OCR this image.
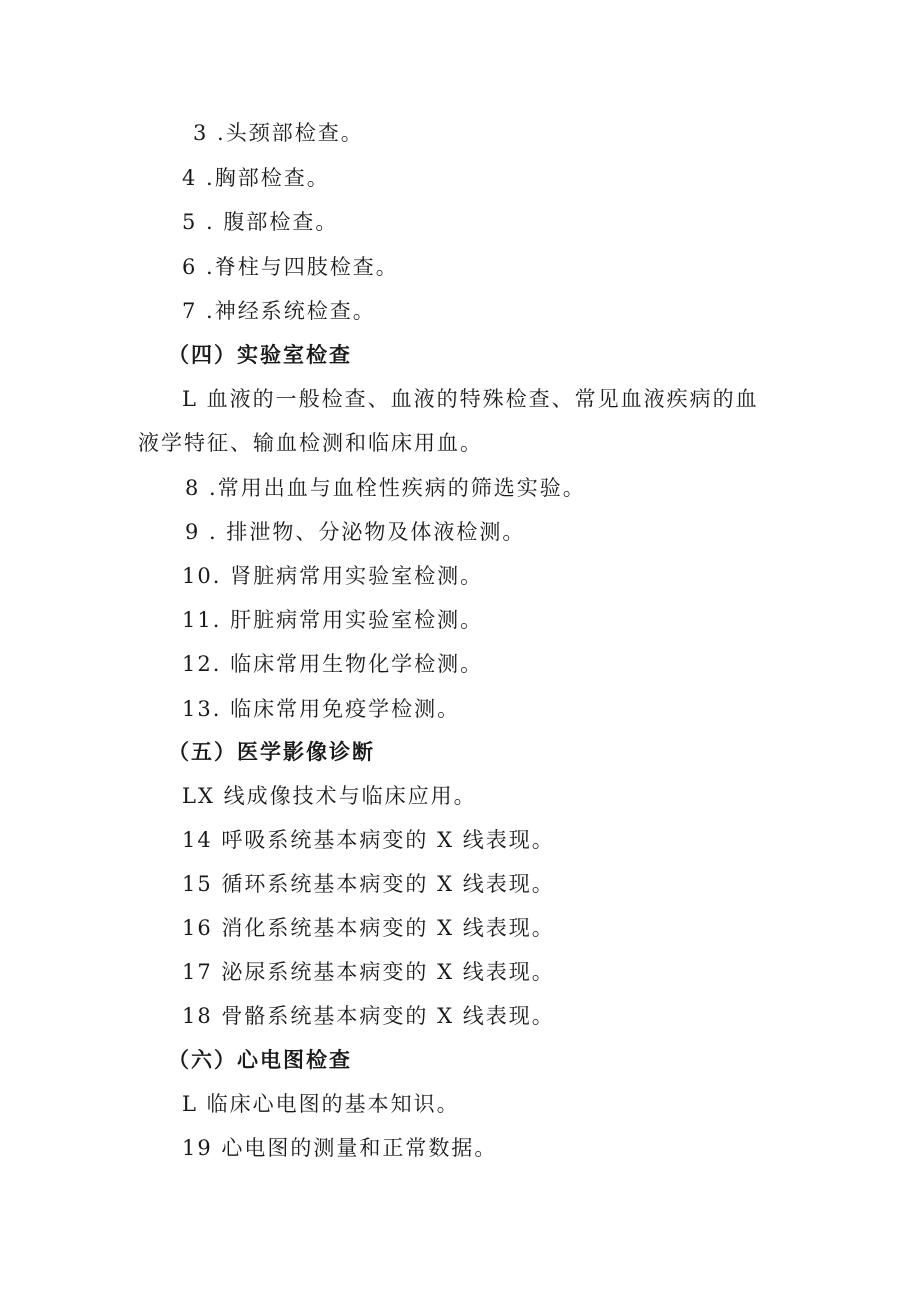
3 .头颈部检查。
4 .胸部检查。
5 . 腹部检查。
6 .脊柱与四肢检查。
7 .神经系统检查。
（四）实验室检查
L 血液的一般检查、血液的特殊检查、常见血液疾病的血
液学特征、输血检测和临床用血。
8 .常用出血与血栓性疾病的筛选实验。
9 . 排泄物、分泌物及体液检测。
10. 肾脏病常用实验室检测。
11. 肝脏病常用实验室检测。
12. 临床常用生物化学检测。
13. 临床常用免疫学检测。
（五）医学影像诊断
LX 线成像技术与临床应用。
14 呼吸系统基本病变的 X 线表现。
15 循环系统基本病变的 X 线表现。
16 消化系统基本病变的 X 线表现。
17 泌尿系统基本病变的 X 线表现。
18 骨骼系统基本病变的 X 线表现。
（六）心电图检查
L 临床心电图的基本知识。
19 心电图的测量和正常数据。
